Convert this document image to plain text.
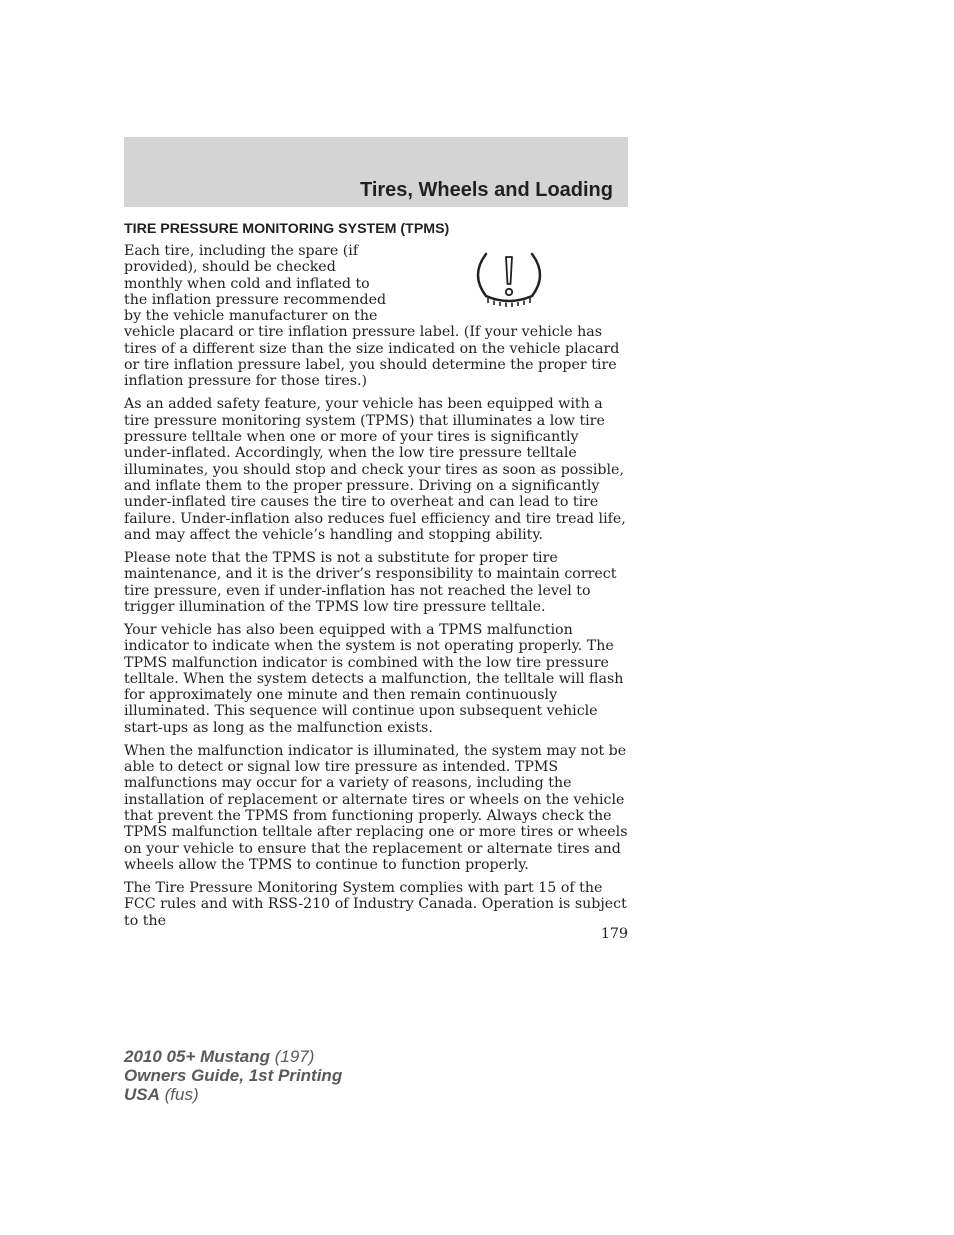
Tires, Wheels and Loading
TIRE PRESSURE MONITORING SYSTEM (TPMS)

Each tire, including the spare (if
provided), should be checked
monthly when cold and inflated to
the inflation pressure recommended
by the vehicle manufacturer on the
vehicle placard or tire inflation pressure label. (If your vehicle has tires of a different size than the size indicated on the vehicle placard or tire inflation pressure label, you should determine the proper tire inflation pressure for those tires.)

As an added safety feature, your vehicle has been equipped with a tire pressure monitoring system (TPMS) that illuminates a low tire pressure telltale when one or more of your tires is significantly under-inflated. Accordingly, when the low tire pressure telltale illuminates, you should stop and check your tires as soon as possible, and inflate them to the proper pressure. Driving on a significantly under-inflated tire causes the tire to overheat and can lead to tire failure. Under-inflation also reduces fuel efficiency and tire tread life, and may affect the vehicle’s handling and stopping ability.

Please note that the TPMS is not a substitute for proper tire maintenance, and it is the driver’s responsibility to maintain correct tire pressure, even if under-inflation has not reached the level to trigger illumination of the TPMS low tire pressure telltale.

Your vehicle has also been equipped with a TPMS malfunction indicator to indicate when the system is not operating properly. The TPMS malfunction indicator is combined with the low tire pressure telltale. When the system detects a malfunction, the telltale will flash for approximately one minute and then remain continuously illuminated. This sequence will continue upon subsequent vehicle start-ups as long as the malfunction exists.

When the malfunction indicator is illuminated, the system may not be able to detect or signal low tire pressure as intended. TPMS malfunctions may occur for a variety of reasons, including the installation of replacement or alternate tires or wheels on the vehicle that prevent the TPMS from functioning properly. Always check the TPMS malfunction telltale after replacing one or more tires or wheels on your vehicle to ensure that the replacement or alternate tires and wheels allow the TPMS to continue to function properly.

The Tire Pressure Monitoring System complies with part 15 of the FCC rules and with RSS-210 of Industry Canada. Operation is subject to the

179
2010 05+ Mustang (197)
Owners Guide, 1st Printing
USA (fus)
